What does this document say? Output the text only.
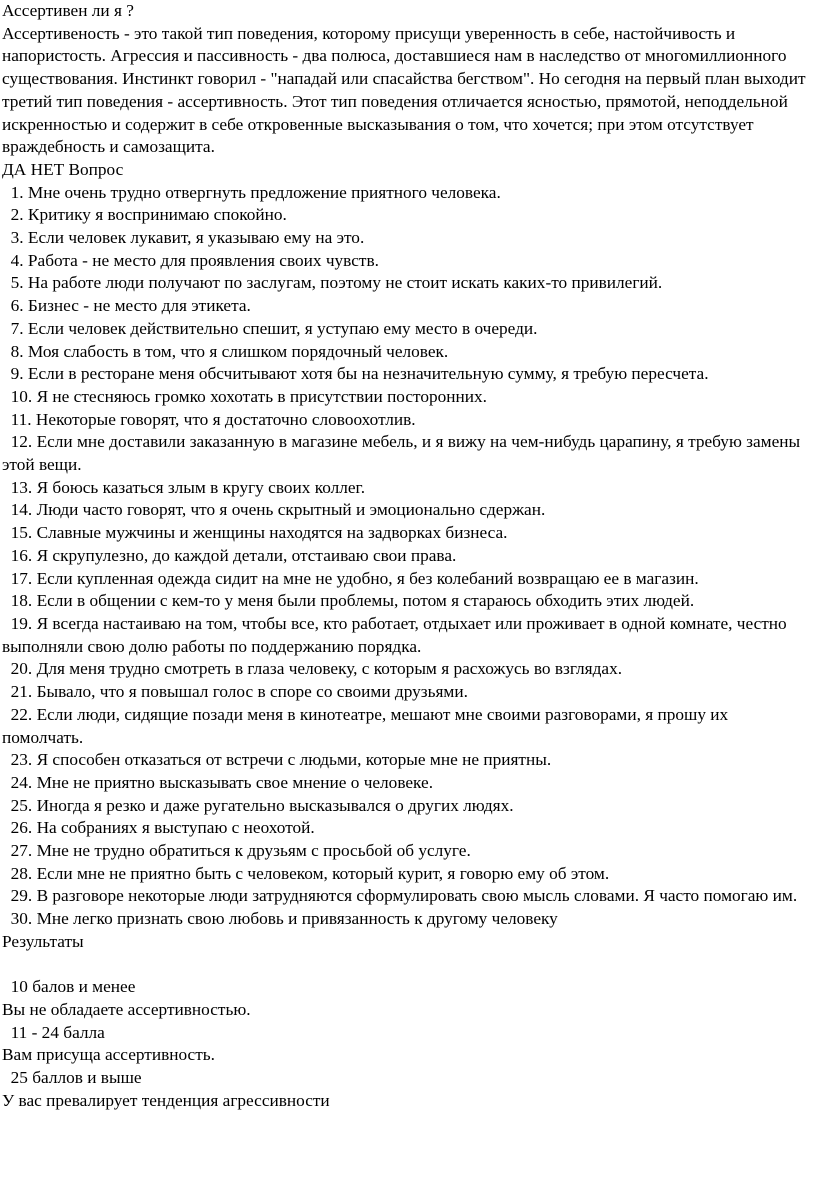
Ассертивен ли я ?
Ассертивеность - это такой тип поведения, которому присущи уверенность в себе, настойчивость и напористость. Агрессия и пассивность - два полюса, доставшиеся нам в наследство от многомиллионного существования. Инстинкт говорил - "нападай или спасайства бегством". Но сегодня на первый план выходит третий тип поведения - ассертивность. Этот тип поведения отличается ясностью, прямотой, неподдельной искренностью и содержит в себе откровенные высказывания о том, что хочется; при этом отсутствует враждебность и самозащита.
ДА НЕТ Вопрос
1. Мне очень трудно отвергнуть предложение приятного человека.
2. Критику я воспринимаю спокойно.
3. Если человек лукавит, я указываю ему на это.
4. Работа - не место для проявления своих чувств.
5. На работе люди получают по заслугам, поэтому не стоит искать каких-то привилегий.
6. Бизнес - не место для этикета.
7. Если человек действительно спешит, я уступаю ему место в очереди.
8. Моя слабость в том, что я слишком порядочный человек.
9. Если в ресторане меня обсчитывают хотя бы на незначительную сумму, я требую пересчета.
10. Я не стесняюсь громко хохотать в присутствии посторонних.
11. Некоторые говорят, что я достаточно словоохотлив.
12. Если мне доставили заказанную в магазине мебель, и я вижу на чем-нибудь царапину, я требую замены этой вещи.
13. Я боюсь казаться злым в кругу своих коллег.
14. Люди часто говорят, что я очень скрытный и эмоционально сдержан.
15. Славные мужчины и женщины находятся на задворках бизнеса.
16. Я скрупулезно, до каждой детали, отстаиваю свои права.
17. Если купленная одежда сидит на мне не удобно, я без колебаний возвращаю ее в магазин.
18. Если в общении с кем-то у меня были проблемы, потом я стараюсь обходить этих людей.
19. Я всегда настаиваю на том, чтобы все, кто работает, отдыхает или проживает в одной комнате, честно выполняли свою долю работы по поддержанию порядка.
20. Для меня трудно смотреть в глаза человеку, с которым я расхожусь во взглядах.
21. Бывало, что я повышал голос в споре со своими друзьями.
22. Если люди, сидящие позади меня в кинотеатре, мешают мне своими разговорами, я прошу их помолчать.
23. Я способен отказаться от встречи с людьми, которые мне не приятны.
24. Мне не приятно высказывать свое мнение о человеке.
25. Иногда я резко и даже ругательно высказывался о других людях.
26. На собраниях я выступаю с неохотой.
27. Мне не трудно обратиться к друзьям с просьбой об услуге.
28. Если мне не приятно быть с человеком, который курит, я говорю ему об этом.
29. В разговоре некоторые люди затрудняются сформулировать свою мысль словами. Я часто помогаю им.
30. Мне легко признать свою любовь и привязанность к другому человеку
Результаты
10 балов и менее
Вы не обладаете ассертивностью.
11 - 24 балла
Вам присуща ассертивность.
25 баллов и выше
У вас превалирует тенденция агрессивности
